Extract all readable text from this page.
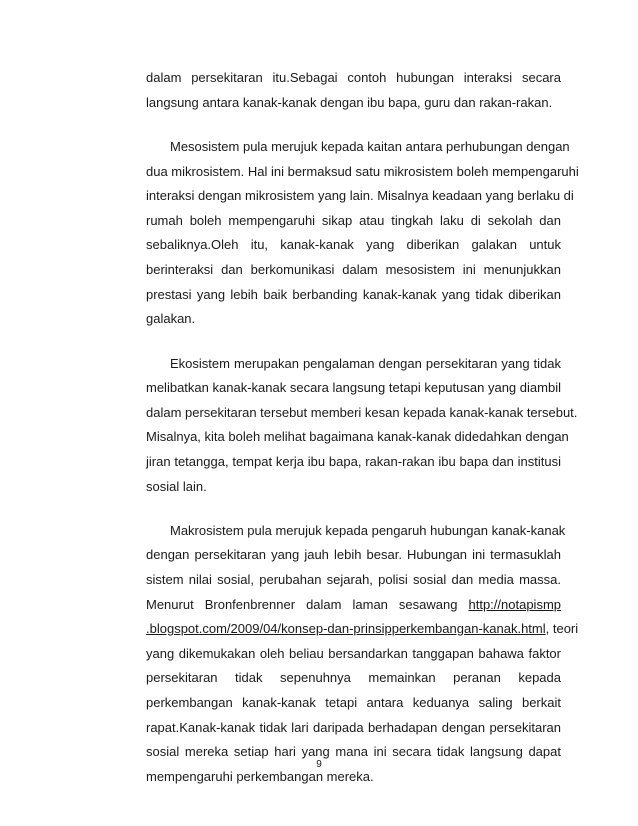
dalam persekitaran itu.Sebagai contoh hubungan interaksi secara
langsung antara kanak-kanak dengan ibu bapa, guru dan rakan-rakan.
Mesosistem pula merujuk kepada kaitan antara perhubungan dengan
dua mikrosistem. Hal ini bermaksud satu mikrosistem boleh mempengaruhi
interaksi dengan mikrosistem yang lain. Misalnya keadaan yang berlaku di
rumah boleh mempengaruhi sikap atau tingkah laku di sekolah dan
sebaliknya.Oleh itu, kanak-kanak yang diberikan galakan untuk
berinteraksi dan berkomunikasi dalam mesosistem ini menunjukkan
prestasi yang lebih baik berbanding kanak-kanak yang tidak diberikan
galakan.
Ekosistem merupakan pengalaman dengan persekitaran yang tidak
melibatkan kanak-kanak secara langsung tetapi keputusan yang diambil
dalam persekitaran tersebut memberi kesan kepada kanak-kanak tersebut.
Misalnya, kita boleh melihat bagaimana kanak-kanak didedahkan dengan
jiran tetangga, tempat kerja ibu bapa, rakan-rakan ibu bapa dan institusi
sosial lain.
Makrosistem pula merujuk kepada pengaruh hubungan kanak-kanak
dengan persekitaran yang jauh lebih besar. Hubungan ini termasuklah
sistem nilai sosial, perubahan sejarah, polisi sosial dan media massa.
Menurut Bronfenbrenner dalam laman sesawang http://notapismp
.blogspot.com/2009/04/konsep-dan-prinsipperkembangan-kanak.html, teori
yang dikemukakan oleh beliau bersandarkan tanggapan bahawa faktor
persekitaran tidak sepenuhnya memainkan peranan kepada
perkembangan kanak-kanak tetapi antara keduanya saling berkait
rapat.Kanak-kanak tidak lari daripada berhadapan dengan persekitaran
sosial mereka setiap hari yang mana ini secara tidak langsung dapat
mempengaruhi perkembangan mereka.
9
